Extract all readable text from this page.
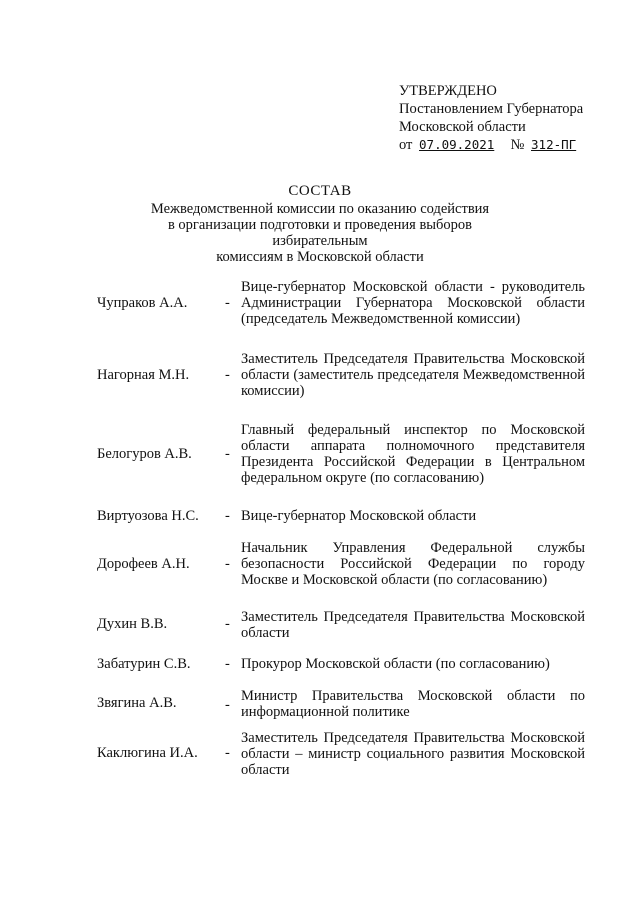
УТВЕРЖДЕНО
Постановлением Губернатора
Московской области
от 07.09.2021 № 312-ПГ
СОСТАВ
Межведомственной комиссии по оказанию содействия
в организации подготовки и проведения выборов избирательным
комиссиям в Московской области
Чупраков А.А.	-
Вице-губернатор Московской области - руководитель Администрации Губернатора Московской области (председатель Межведомственной комиссии)
Нагорная М.Н. -
Заместитель Председателя Правительства Московской области (заместитель председателя Межведомственной комиссии)
Белогуров А.В. -
Главный федеральный инспектор по Московской области аппарата полномочного представителя Президента Российской Федерации в Центральном федеральном округе (по согласованию)
Виртуозова Н.С. - Вице-губернатор Московской области
Дорофеев А.Н. -
Начальник Управления Федеральной службы безопасности Российской Федерации по городу Москве и Московской области (по согласованию)
Духин В.В.	- Заместитель Председателя Правительства Московской области
Забатурин С.В. - Прокурор Московской области (по согласованию)
Звягина А.В.	-
Министр Правительства Московской области по информационной политике
Каклюгина И.А. -
Заместитель Председателя Правительства Московской области – министр социального развития Московской области
